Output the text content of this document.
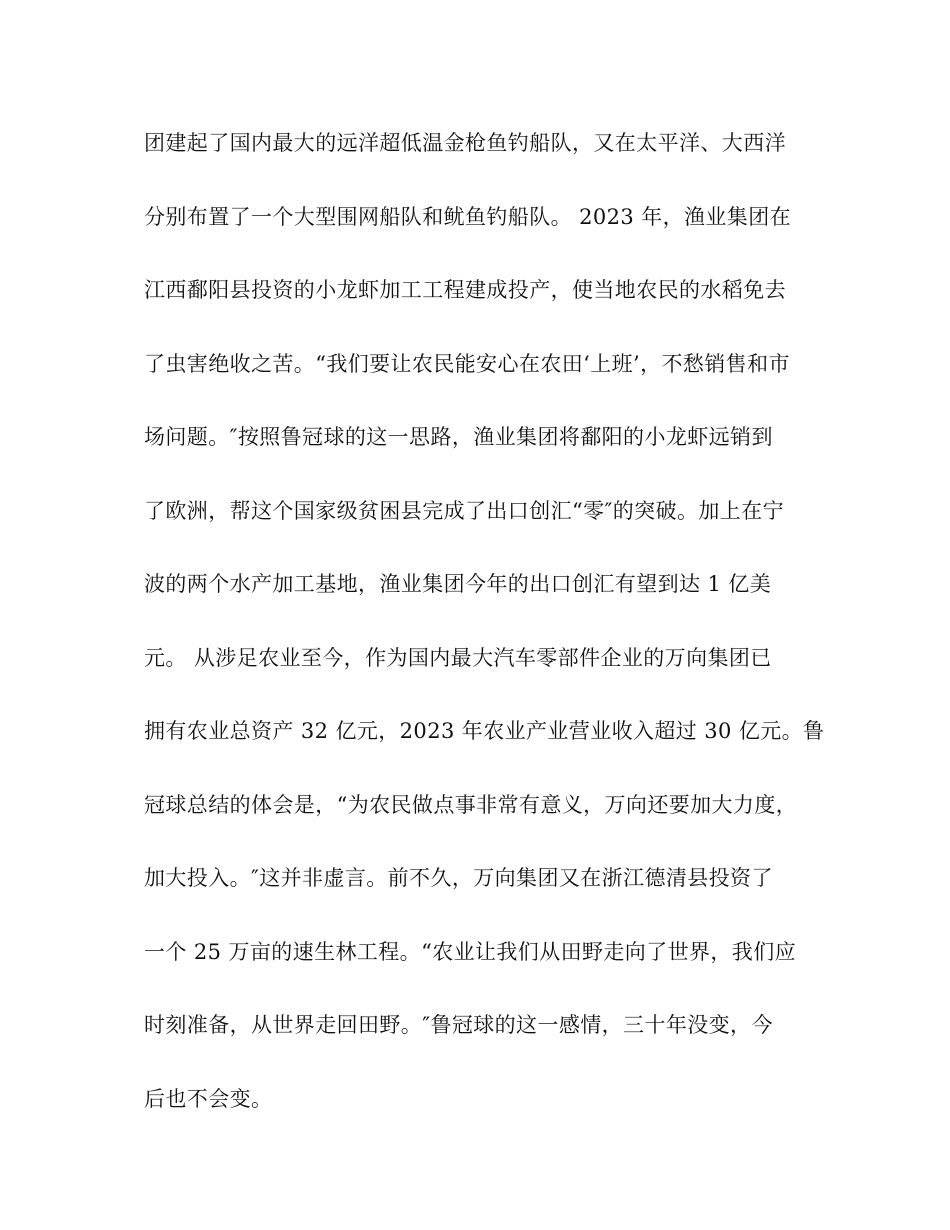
团建起了国内最大的远洋超低温金枪鱼钓船队，又在太平洋、大西洋
分别布置了一个大型围网船队和鱿鱼钓船队。 2023 年，渔业集团在
江西鄱阳县投资的小龙虾加工工程建成投产，使当地农民的水稻免去
了虫害绝收之苦。“我们要让农民能安心在农田‘上班’，不愁销售和市
场问题。″按照鲁冠球的这一思路，渔业集团将鄱阳的小龙虾远销到
了欧洲，帮这个国家级贫困县完成了出口创汇“零″的突破。加上在宁
波的两个水产加工基地，渔业集团今年的出口创汇有望到达 1 亿美
元。 从涉足农业至今，作为国内最大汽车零部件企业的万向集团已
拥有农业总资产 32 亿元，2023 年农业产业营业收入超过 30 亿元。鲁
冠球总结的体会是，“为农民做点事非常有意义，万向还要加大力度，
加大投入。″这并非虚言。前不久，万向集团又在浙江德清县投资了
一个 25 万亩的速生林工程。“农业让我们从田野走向了世界，我们应
时刻准备，从世界走回田野。″鲁冠球的这一感情，三十年没变，今
后也不会变。
